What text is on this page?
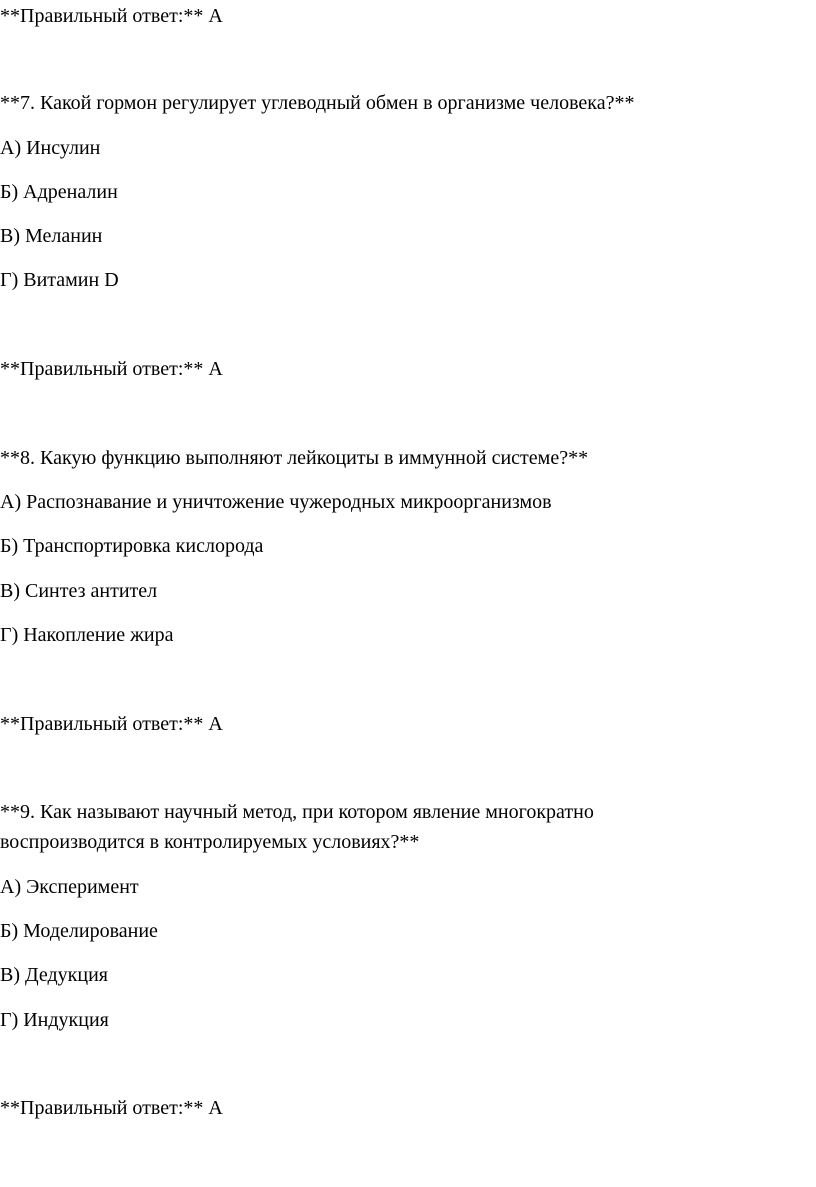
**Правильный ответ:** А

**7. Какой гормон регулирует углеводный обмен в организме человека?**

А) Инсулин

Б) Адреналин

В) Меланин

Г) Витамин D

**Правильный ответ:** А

**8. Какую функцию выполняют лейкоциты в иммунной системе?**

А) Распознавание и уничтожение чужеродных микроорганизмов

Б) Транспортировка кислорода

В) Синтез антител

Г) Накопление жира

**Правильный ответ:** А

**9. Как называют научный метод, при котором явление многократно

воспроизводится в контролируемых условиях?**

А) Эксперимент

Б) Моделирование

В) Дедукция

Г) Индукция

**Правильный ответ:** А
